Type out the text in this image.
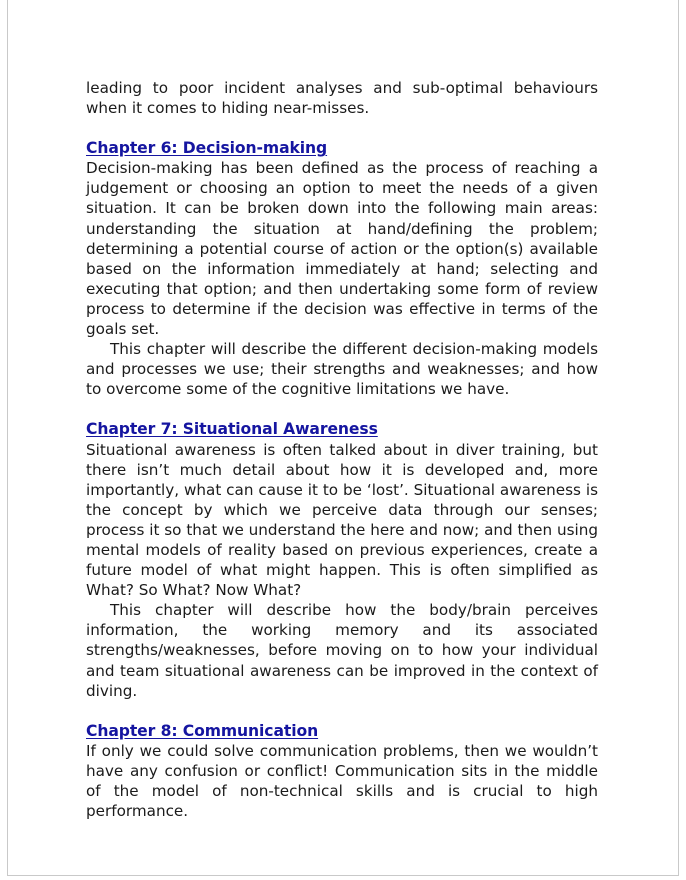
leading to poor incident analyses and sub-optimal behaviours when it comes to hiding near-misses.

Chapter 6: Decision-making

Decision-making has been defined as the process of reaching a judgement or choosing an option to meet the needs of a given situation. It can be broken down into the following main areas: understanding the situation at hand/defining the problem; determining a potential course of action or the option(s) available based on the information immediately at hand; selecting and executing that option; and then undertaking some form of review process to determine if the decision was effective in terms of the goals set.

This chapter will describe the different decision-making models and processes we use; their strengths and weaknesses; and how to overcome some of the cognitive limitations we have.

Chapter 7: Situational Awareness

Situational awareness is often talked about in diver training, but there isn’t much detail about how it is developed and, more importantly, what can cause it to be ‘lost’. Situational awareness is the concept by which we perceive data through our senses; process it so that we understand the here and now; and then using mental models of reality based on previous experiences, create a future model of what might happen. This is often simplified as What? So What? Now What?

This chapter will describe how the body/brain perceives information, the working memory and its associated strengths/weaknesses, before moving on to how your individual and team situational awareness can be improved in the context of diving.

Chapter 8: Communication

If only we could solve communication problems, then we wouldn’t have any confusion or conflict! Communication sits in the middle of the model of non-technical skills and is crucial to high performance.
